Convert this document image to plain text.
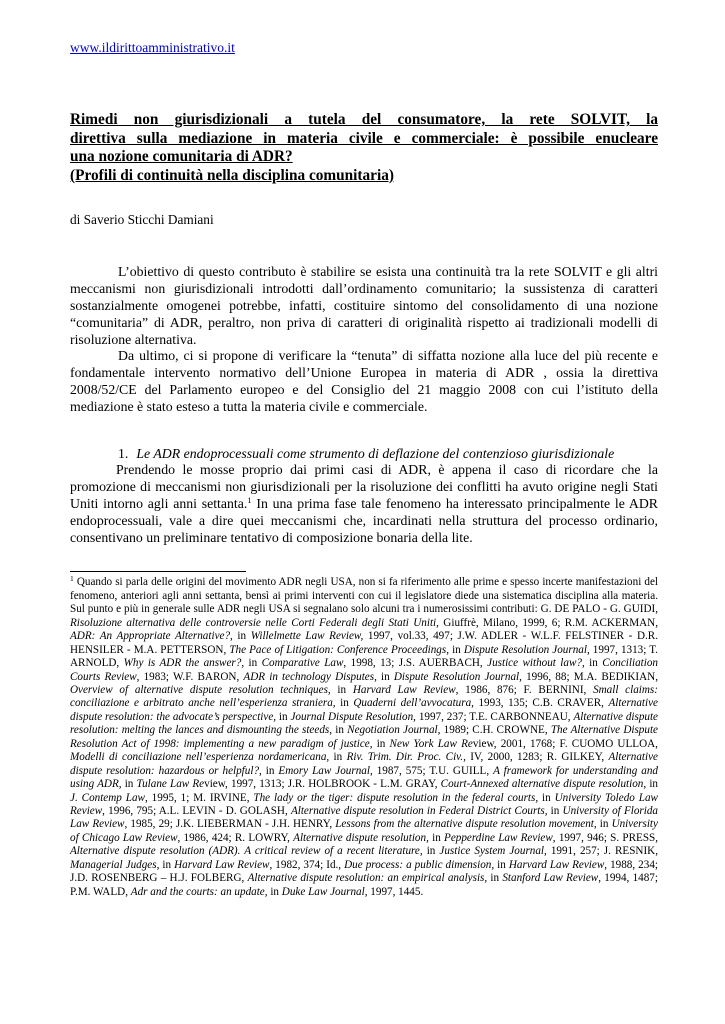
www.ildirittoamministrativo.it
Rimedi non giurisdizionali a tutela del consumatore, la rete SOLVIT, la
direttiva sulla mediazione in materia civile e commerciale: è possibile enucleare
una nozione comunitaria di ADR?
(Profili di continuità nella disciplina comunitaria)
di Saverio Sticchi Damiani

L’obiettivo di questo contributo è stabilire se esista una continuità tra la rete SOLVIT e gli altri meccanismi non giurisdizionali introdotti dall’ordinamento comunitario; la sussistenza di caratteri sostanzialmente omogenei potrebbe, infatti, costituire sintomo del consolidamento di una nozione “comunitaria” di ADR, peraltro, non priva di caratteri di originalità rispetto ai tradizionali modelli di risoluzione alternativa.

Da ultimo, ci si propone di verificare la “tenuta” di siffatta nozione alla luce del più recente e fondamentale intervento normativo dell’Unione Europea in materia di ADR , ossia la direttiva 2008/52/CE del Parlamento europeo e del Consiglio del 21 maggio 2008 con cui l’istituto della mediazione è stato esteso a tutta la materia civile e commerciale.

1. Le ADR endoprocessuali come strumento di deflazione del contenzioso giurisdizionale

Prendendo le mosse proprio dai primi casi di ADR, è appena il caso di ricordare che la promozione di meccanismi non giurisdizionali per la risoluzione dei conflitti ha avuto origine negli Stati Uniti intorno agli anni settanta.$^1$ In una prima fase tale fenomeno ha interessato principalmente le ADR endoprocessuali, vale a dire quei meccanismi che, incardinati nella struttura del processo ordinario, consentivano un preliminare tentativo di composizione bonaria della lite.

$^1$ Quando si parla delle origini del movimento ADR negli USA, non si fa riferimento alle prime e spesso incerte manifestazioni del fenomeno, anteriori agli anni settanta, bensì ai primi interventi con cui il legislatore diede una sistematica disciplina alla materia. Sul punto e più in generale sulle ADR negli USA si segnalano solo alcuni tra i numerosissimi contributi: G. DE PALO - G. GUIDI, Risoluzione alternativa delle controversie nelle Corti Federali degli Stati Uniti, Giuffrè, Milano, 1999, 6; R.M. ACKERMAN, ADR: An Appropriate Alternative?, in Willelmette Law Review, 1997, vol.33, 497; J.W. ADLER - W.L.F. FELSTINER - D.R. HENSILER - M.A. PETTERSON, The Pace of Litigation: Conference Proceedings, in Dispute Resolution Journal, 1997, 1313; T. ARNOLD, Why is ADR the answer?, in Comparative Law, 1998, 13; J.S. AUERBACH, Justice without law?, in Conciliation Courts Review, 1983; W.F. BARON, ADR in technology Disputes, in Dispute Resolution Journal, 1996, 88; M.A. BEDIKIAN, Overview of alternative dispute resolution techniques, in Harvard Law Review, 1986, 876; F. BERNINI, Small claims: conciliazione e arbitrato anche nell’esperienza straniera, in Quaderni dell’avvocatura, 1993, 135; C.B. CRAVER, Alternative dispute resolution: the advocate’s perspective, in Journal Dispute Resolution, 1997, 237; T.E. CARBONNEAU, Alternative dispute resolution: melting the lances and dismounting the steeds, in Negotiation Journal, 1989; C.H. CROWNE, The Alternative Dispute Resolution Act of 1998: implementing a new paradigm of justice, in New York Law Review, 2001, 1768; F. CUOMO ULLOA, Modelli di conciliazione nell’esperienza nordamericana, in Riv. Trim. Dir. Proc. Civ., IV, 2000, 1283; R. GILKEY, Alternative dispute resolution: hazardous or helpful?, in Emory Law Journal, 1987, 575; T.U. GUILL, A framework for understanding and using ADR, in Tulane Law Review, 1997, 1313; J.R. HOLBROOK - L.M. GRAY, Court-Annexed alternative dispute resolution, in J. Contemp Law, 1995, 1; M. IRVINE, The lady or the tiger: dispute resolution in the federal courts, in University Toledo Law Review, 1996, 795; A.L. LEVIN - D. GOLASH, Alternative dispute resolution in Federal District Courts, in University of Florida Law Review, 1985, 29; J.K. LIEBERMAN - J.H. HENRY, Lessons from the alternative dispute resolution movement, in University of Chicago Law Review, 1986, 424; R. LOWRY, Alternative dispute resolution, in Pepperdine Law Review, 1997, 946; S. PRESS, Alternative dispute resolution (ADR). A critical review of a recent literature, in Justice System Journal, 1991, 257; J. RESNIK, Managerial Judges, in Harvard Law Review, 1982, 374; Id., Due process: a public dimension, in Harvard Law Review, 1988, 234; J.D. ROSENBERG – H.J. FOLBERG, Alternative dispute resolution: an empirical analysis, in Stanford Law Review, 1994, 1487; P.M. WALD, Adr and the courts: an update, in Duke Law Journal, 1997, 1445.
